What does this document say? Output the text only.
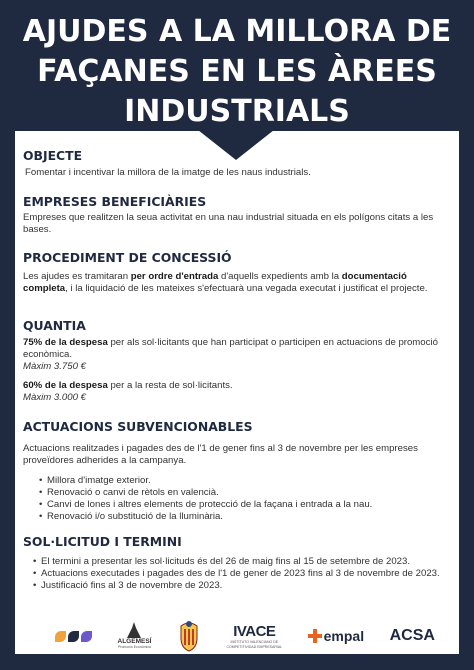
AJUDES A LA MILLORA DE
FAÇANES EN LES ÀREES
INDUSTRIALS
OBJECTE
Fomentar i incentivar la millora de la imatge de les naus industrials.
EMPRESES BENEFICIÀRIES
Empreses que realitzen la seua activitat en una nau industrial situada en els polígons citats a les bases.
PROCEDIMENT DE CONCESSIÓ
Les ajudes es tramitaran per ordre d'entrada d'aquells expedients amb la documentació completa, i la liquidació de les mateixes s'efectuarà una vegada executat i justificat el projecte.
QUANTIA
75% de la despesa per als sol·licitants que han participat o participen en actuacions de promoció econòmica.
Màxim 3.750 €
60% de la despesa per a la resta de sol·licitants.
Màxim 3.000 €
ACTUACIONS SUBVENCIONABLES
Actuacions realitzades i pagades des de l'1 de gener fins al 3 de novembre per les empreses proveïdores adherides a la campanya.
• Millora d'imatge exterior.
• Renovació o canvi de rètols en valencià.
• Canvi de lones i altres elements de protecció de la façana i entrada a la nau.
• Renovació i/o substitució de la lluminària.
SOL·LICITUD I TERMINI
• El termini a presentar les sol·licituds és del 26 de maig fins al 15 de setembre de 2023.
• Actuacions executades i pagades des de l'1 de gener de 2023 fins al 3 de novembre de 2023.
• Justificació fins al 3 de novembre de 2023.
ALGEMESÍ
Promoció Econòmica
IVACE
INSTITUTO VALENCIANO DE
COMPETITIVIDAD EMPRESARIAL
empal ACSA
